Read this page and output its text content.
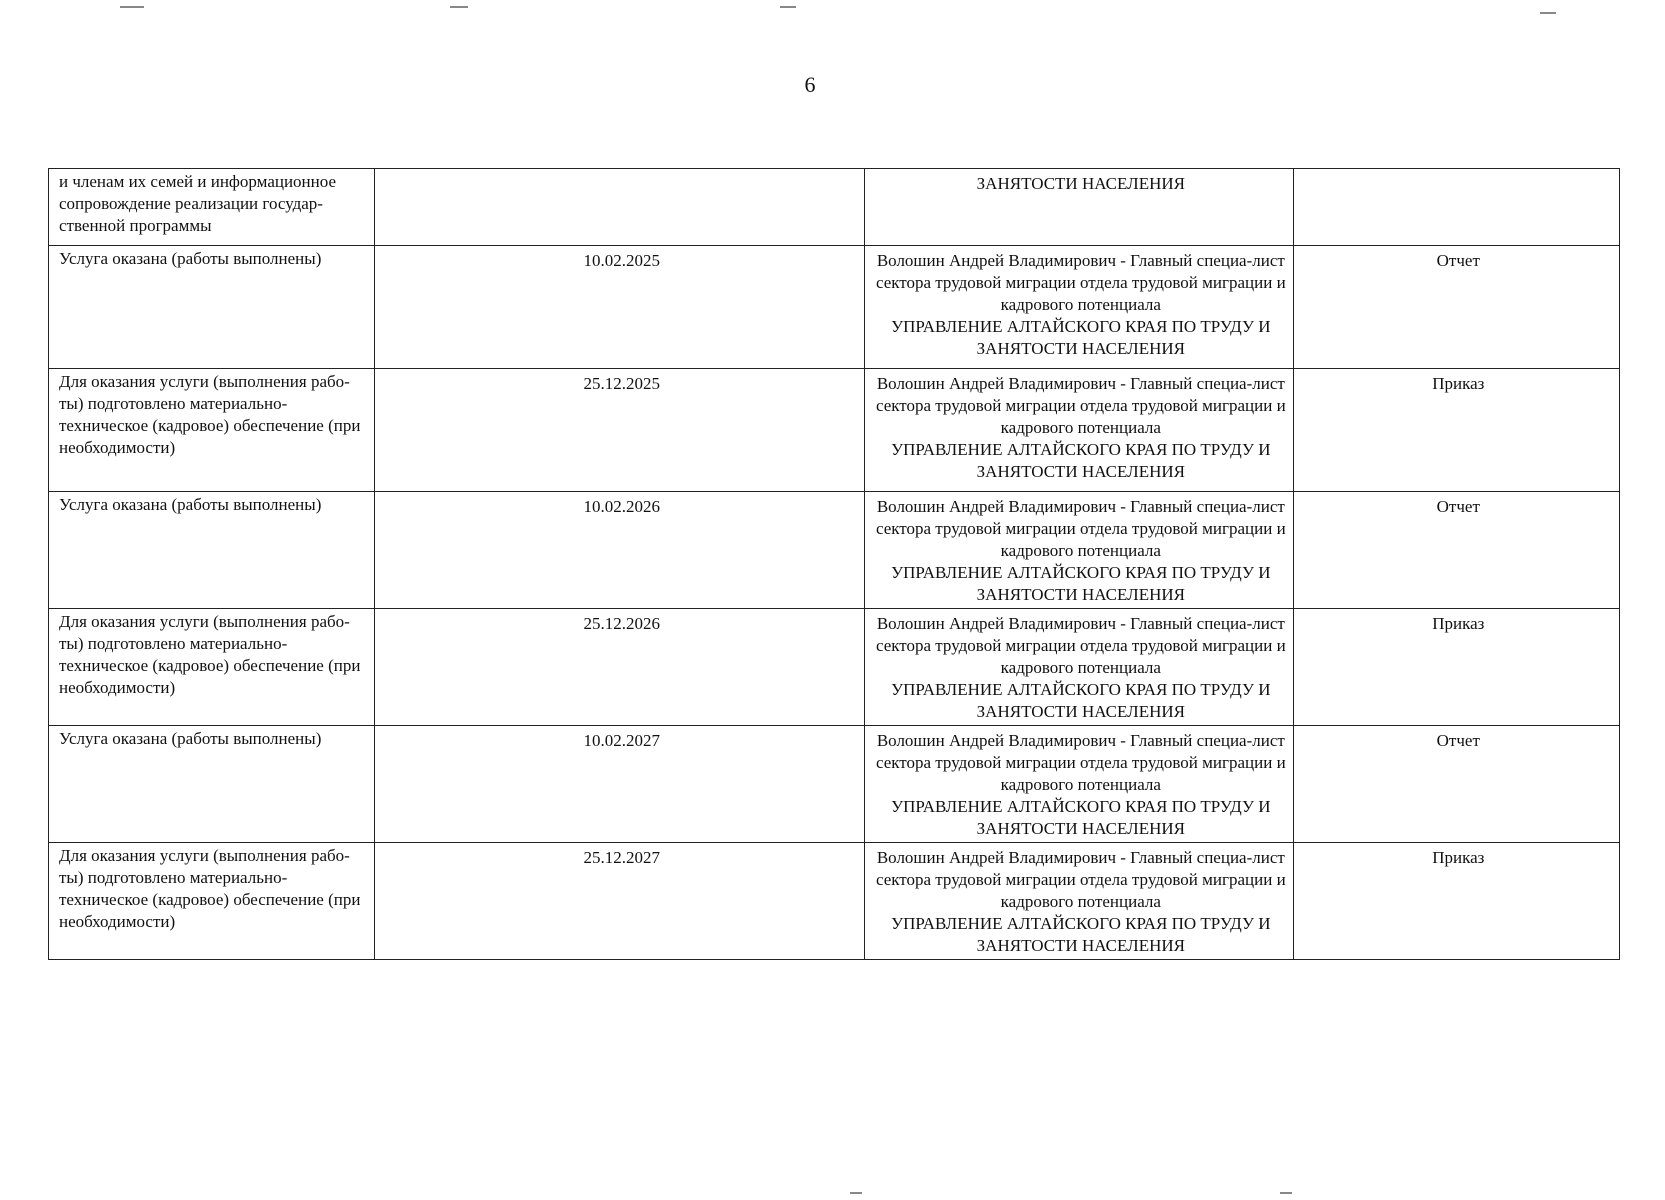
6
и членам их семей и информационное сопровождение реализации государ-ственной программы		ЗАНЯТОСТИ НАСЕЛЕНИЯ	

Услуга оказана (работы выполнены)	10.02.2025	Волошин Андрей Владимирович - Главный специа-лист сектора трудовой миграции отдела трудовой миграции и кадрового потенциала
УПРАВЛЕНИЕ АЛТАЙСКОГО КРАЯ ПО ТРУДУ И ЗАНЯТОСТИ НАСЕЛЕНИЯ	Отчет
Для оказания услуги (выполнения рабо-ты) подготовлено материально-техническое (кадровое) обеспечение (при необходимости)	25.12.2025	Волошин Андрей Владимирович - Главный специа-лист сектора трудовой миграции отдела трудовой миграции и кадрового потенциала
УПРАВЛЕНИЕ АЛТАЙСКОГО КРАЯ ПО ТРУДУ И ЗАНЯТОСТИ НАСЕЛЕНИЯ	Приказ
Услуга оказана (работы выполнены)	10.02.2026	Волошин Андрей Владимирович - Главный специа-лист сектора трудовой миграции отдела трудовой миграции и кадрового потенциала
УПРАВЛЕНИЕ АЛТАЙСКОГО КРАЯ ПО ТРУДУ И ЗАНЯТОСТИ НАСЕЛЕНИЯ	Отчет
Для оказания услуги (выполнения рабо-ты) подготовлено материально-техническое (кадровое) обеспечение (при необходимости)	25.12.2026	Волошин Андрей Владимирович - Главный специа-лист сектора трудовой миграции отдела трудовой миграции и кадрового потенциала
УПРАВЛЕНИЕ АЛТАЙСКОГО КРАЯ ПО ТРУДУ И ЗАНЯТОСТИ НАСЕЛЕНИЯ	Приказ
Услуга оказана (работы выполнены)	10.02.2027	Волошин Андрей Владимирович - Главный специа-лист сектора трудовой миграции отдела трудовой миграции и кадрового потенциала
УПРАВЛЕНИЕ АЛТАЙСКОГО КРАЯ ПО ТРУДУ И ЗАНЯТОСТИ НАСЕЛЕНИЯ	Отчет
Для оказания услуги (выполнения рабо-ты) подготовлено материально-техническое (кадровое) обеспечение (при необходимости)	25.12.2027	Волошин Андрей Владимирович - Главный специа-лист сектора трудовой миграции отдела трудовой миграции и кадрового потенциала
УПРАВЛЕНИЕ АЛТАЙСКОГО КРАЯ ПО ТРУДУ И ЗАНЯТОСТИ НАСЕЛЕНИЯ	Приказ
